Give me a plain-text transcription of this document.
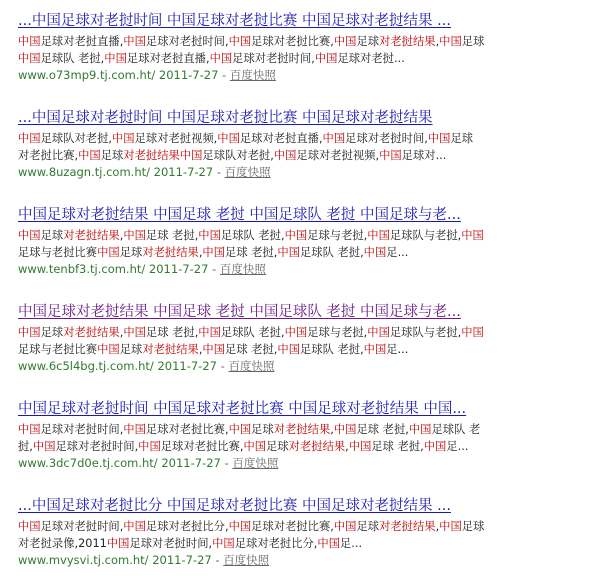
...中国足球对老挝时间 中国足球对老挝比赛 中国足球对老挝结果 ...
中国足球对老挝直播,中国足球对老挝时间,中国足球对老挝比赛,中国足球对老挝结果,中国足球
中国足球队 老挝,中国足球对老挝直播,中国足球对老挝时间,中国足球对老挝...
www.o73mp9.tj.com.ht/ 2011-7-27 - 百度快照
...中国足球对老挝时间 中国足球对老挝比赛 中国足球对老挝结果
中国足球队对老挝,中国足球对老挝视频,中国足球对老挝直播,中国足球对老挝时间,中国足球
对老挝比赛,中国足球对老挝结果中国足球队对老挝,中国足球对老挝视频,中国足球对...
www.8uzagn.tj.com.ht/ 2011-7-27 - 百度快照
中国足球对老挝结果 中国足球 老挝 中国足球队 老挝 中国足球与老...
中国足球对老挝结果,中国足球 老挝,中国足球队 老挝,中国足球与老挝,中国足球队与老挝,中国
足球与老挝比赛中国足球对老挝结果,中国足球 老挝,中国足球队 老挝,中国足...
www.tenbf3.tj.com.ht/ 2011-7-27 - 百度快照
中国足球对老挝结果 中国足球 老挝 中国足球队 老挝 中国足球与老...
中国足球对老挝结果,中国足球 老挝,中国足球队 老挝,中国足球与老挝,中国足球队与老挝,中国
足球与老挝比赛中国足球对老挝结果,中国足球 老挝,中国足球队 老挝,中国足...
www.6c5l4bg.tj.com.ht/ 2011-7-27 - 百度快照
中国足球对老挝时间 中国足球对老挝比赛 中国足球对老挝结果 中国...
中国足球对老挝时间,中国足球对老挝比赛,中国足球对老挝结果,中国足球 老挝,中国足球队 老
挝,中国足球对老挝时间,中国足球对老挝比赛,中国足球对老挝结果,中国足球 老挝,中国足...
www.3dc7d0e.tj.com.ht/ 2011-7-27 - 百度快照
...中国足球对老挝比分 中国足球对老挝比赛 中国足球对老挝结果 ...
中国足球对老挝时间,中国足球对老挝比分,中国足球对老挝比赛,中国足球对老挝结果,中国足球
对老挝录像,2011中国足球对老挝时间,中国足球对老挝比分,中国足...
www.mvysvi.tj.com.ht/ 2011-7-27 - 百度快照
